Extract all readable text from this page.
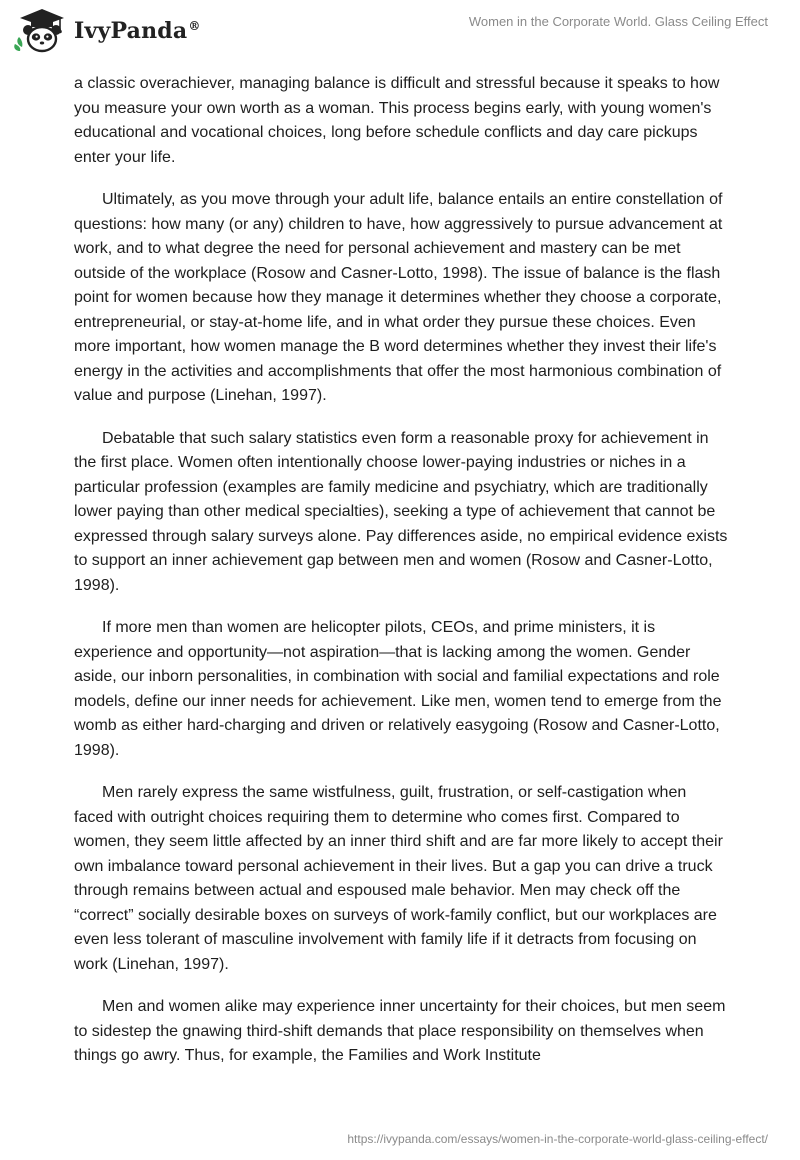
IvyPanda®	Women in the Corporate World. Glass Ceiling Effect

a classic overachiever, managing balance is difficult and stressful because it speaks to how you measure your own worth as a woman. This process begins early, with young women's educational and vocational choices, long before schedule conflicts and day care pickups enter your life.

Ultimately, as you move through your adult life, balance entails an entire constellation of questions: how many (or any) children to have, how aggressively to pursue advancement at work, and to what degree the need for personal achievement and mastery can be met outside of the workplace (Rosow and Casner-Lotto, 1998). The issue of balance is the flash point for women because how they manage it determines whether they choose a corporate, entrepreneurial, or stay-at-home life, and in what order they pursue these choices. Even more important, how women manage the B word determines whether they invest their life's energy in the activities and accomplishments that offer the most harmonious combination of value and purpose (Linehan, 1997).

Debatable that such salary statistics even form a reasonable proxy for achievement in the first place. Women often intentionally choose lower-paying industries or niches in a particular profession (examples are family medicine and psychiatry, which are traditionally lower paying than other medical specialties), seeking a type of achievement that cannot be expressed through salary surveys alone. Pay differences aside, no empirical evidence exists to support an inner achievement gap between men and women (Rosow and Casner-Lotto, 1998).

If more men than women are helicopter pilots, CEOs, and prime ministers, it is experience and opportunity—not aspiration—that is lacking among the women. Gender aside, our inborn personalities, in combination with social and familial expectations and role models, define our inner needs for achievement. Like men, women tend to emerge from the womb as either hard-charging and driven or relatively easygoing (Rosow and Casner-Lotto, 1998).

Men rarely express the same wistfulness, guilt, frustration, or self-castigation when faced with outright choices requiring them to determine who comes first. Compared to women, they seem little affected by an inner third shift and are far more likely to accept their own imbalance toward personal achievement in their lives. But a gap you can drive a truck through remains between actual and espoused male behavior. Men may check off the “correct” socially desirable boxes on surveys of work-family conflict, but our workplaces are even less tolerant of masculine involvement with family life if it detracts from focusing on work (Linehan, 1997).

Men and women alike may experience inner uncertainty for their choices, but men seem to sidestep the gnawing third-shift demands that place responsibility on themselves when things go awry. Thus, for example, the Families and Work Institute

https://ivypanda.com/essays/women-in-the-corporate-world-glass-ceiling-effect/
